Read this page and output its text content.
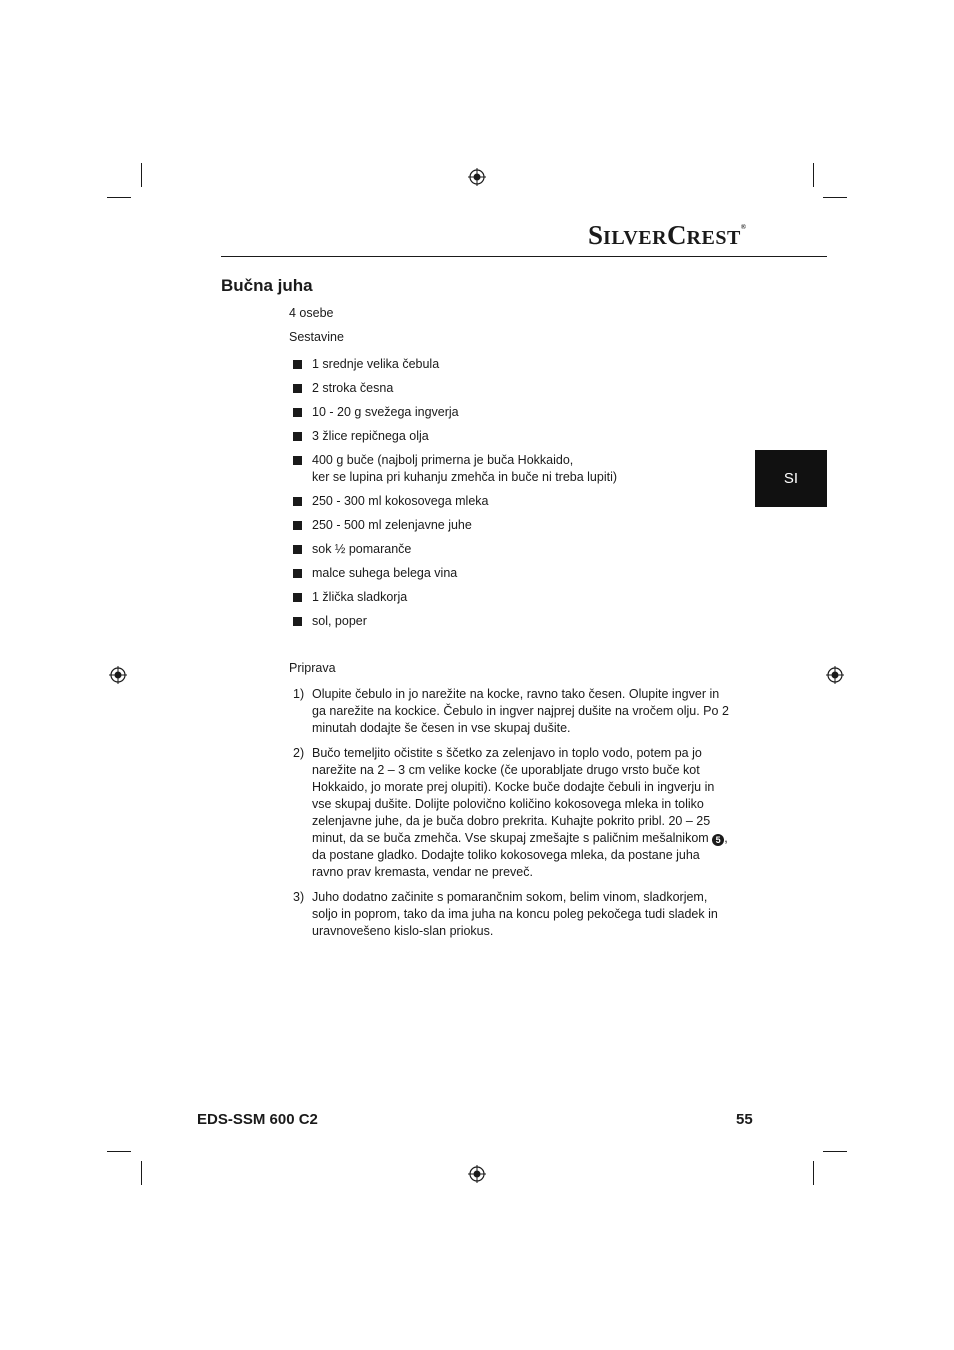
SILVERCREST®
Bučna juha
4 osebe
Sestavine
1 srednje velika čebula
2 stroka česna
10 - 20 g svežega ingverja
3 žlice repičnega olja
400 g buče (najbolj primerna je buča Hokkaido,
ker se lupina pri kuhanju zmehča in buče ni treba lupiti)
250 - 300 ml kokosovega mleka
250 - 500 ml zelenjavne juhe
sok ½ pomaranče
malce suhega belega vina
1 žlička sladkorja
sol, poper
Priprava
1) Olupite čebulo in jo narežite na kocke, ravno tako česen. Olupite ingver in ga narežite na kockice. Čebulo in ingver najprej dušite na vročem olju. Po 2 minutah dodajte še česen in vse skupaj dušite.
2) Bučo temeljito očistite s ščetko za zelenjavo in toplo vodo, potem pa jo narežite na 2 – 3 cm velike kocke (če uporabljate drugo vrsto buče kot Hokkaido, jo morate prej olupiti). Kocke buče dodajte čebuli in ingverju in vse skupaj dušite. Dolijte polovično količino kokosovega mleka in toliko zelenjavne juhe, da je buča dobro prekrita. Kuhajte pokrito pribl. 20 – 25 minut, da se buča zmehča. Vse skupaj zmešajte s paličnim mešalnikom 5 , da postane gladko. Dodajte toliko kokosovega mleka, da postane juha ravno prav kremasta, vendar ne preveč.
3) Juho dodatno začinite s pomarančnim sokom, belim vinom, sladkorjem, soljo in poprom, tako da ima juha na koncu poleg pekočega tudi sladek in uravnovešeno kislo-slan priokus.
SI
EDS-SSM 600 C2	55
